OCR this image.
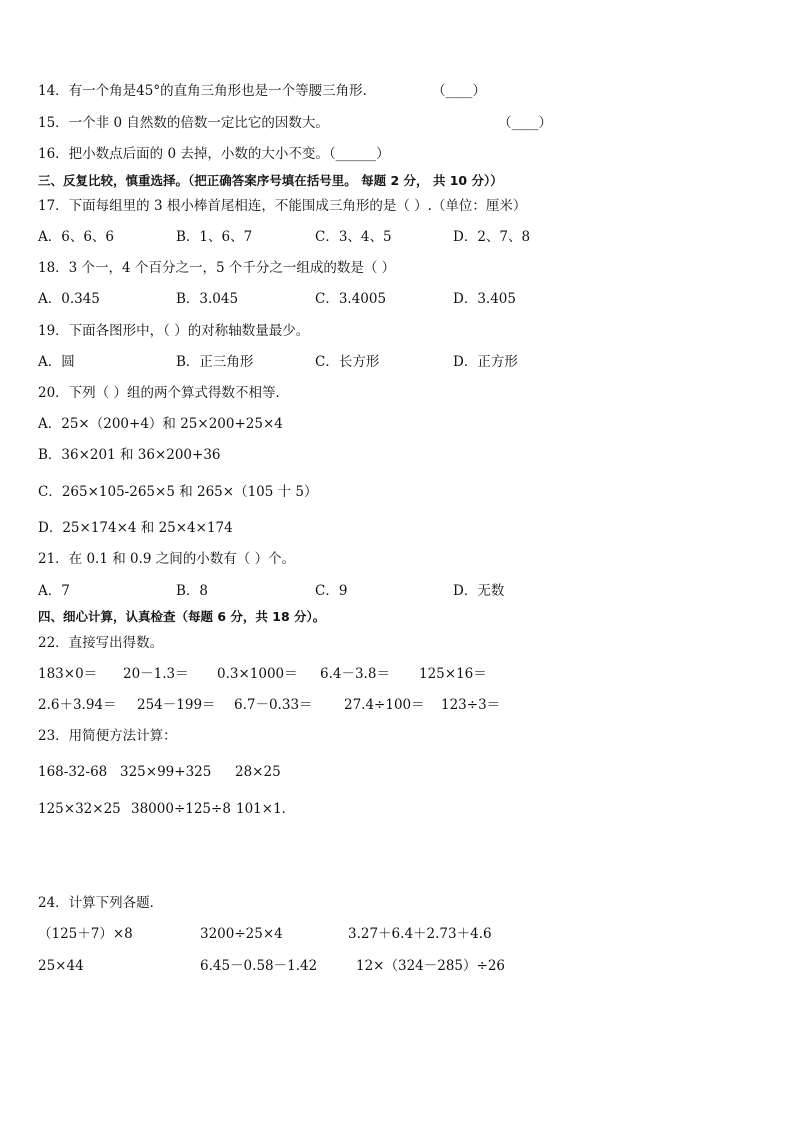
14．有一个角是45°的直角三角形也是一个等腰三角形．	（____）
15．一个非 0 自然数的倍数一定比它的因数大。	（____）
16．把小数点后面的 0 去掉，小数的大小不变。（______）
三、反复比较，慎重选择。（把正确答案序号填在括号里。 每题 2 分， 共 10 分））
17．下面每组里的 3 根小棒首尾相连，不能围成三角形的是（ ）.（单位：厘米）
A．6、6、6	B．1、6、7	C．3、4、5	D．2、7、8
18．3 个一，4 个百分之一，5 个千分之一组成的数是（ ）
A．0.345	B．3.045	C．3.4005	D．3.405
19．下面各图形中，（ ）的对称轴数量最少。
A．圆	B．正三角形	C．长方形	D．正方形
20．下列（ ）组的两个算式得数不相等．
A．25×（200+4）和 25×200+25×4
B．36×201 和 36×200+36
C．265×105-265×5 和 265×（105 十 5）
D．25×174×4 和 25×4×174
21．在 0.1 和 0.9 之间的小数有（ ）个。
A．7	B．8	C．9	D．无数
四、细心计算，认真检查（每题 6 分，共 18 分）。
22．直接写出得数。
183×0＝ 20－1.3＝ 0.3×1000＝ 6.4－3.8＝ 125×16＝
2.6＋3.94＝ 254－199＝ 6.7－0.33＝ 27.4÷100＝ 123÷3＝
23．用简便方法计算：
168-32-68 325×99+325 28×25
125×32×25 38000÷125÷8 101×1．
24．计算下列各题．
（125＋7）×8	3200÷25×4	3.27＋6.4＋2.73＋4.6
25×44	6.45－0.58－1.42	12×（324－285）÷26
